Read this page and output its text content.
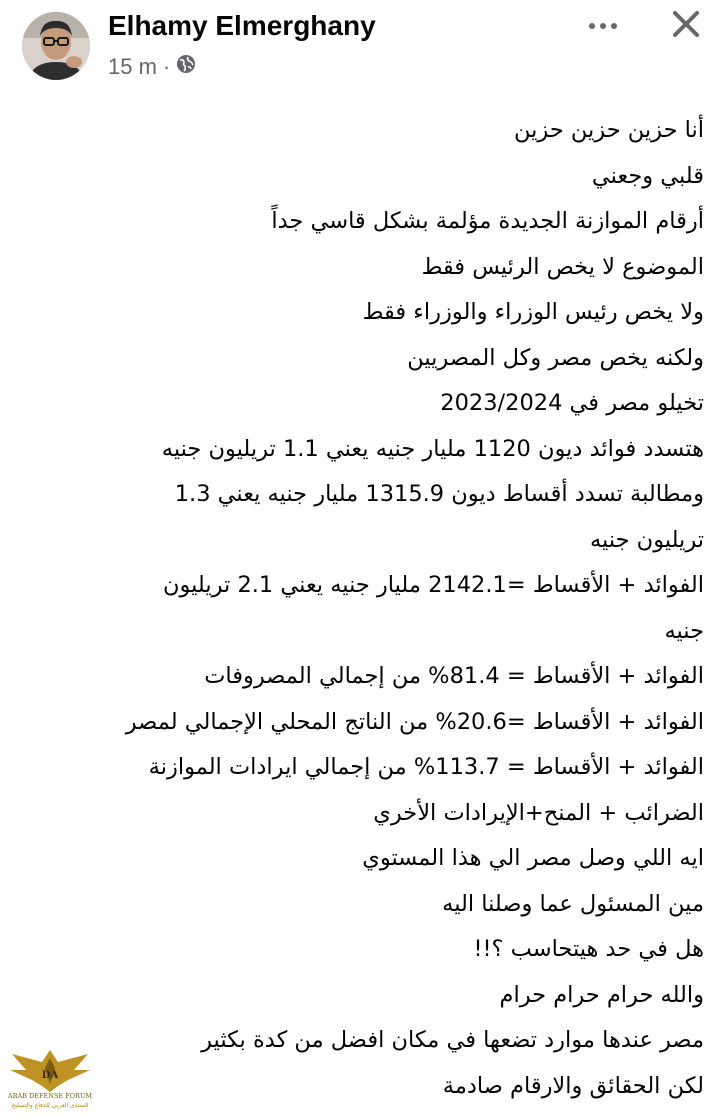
Elhamy Elmerghany
15 m ·
أنا حزين حزين حزين
قلبي وجعني
أرقام الموازنة الجديدة مؤلمة بشكل قاسي جداً
الموضوع لا يخص الرئيس فقط
ولا يخص رئيس الوزراء والوزراء فقط
ولكنه يخص مصر وكل المصريين
تخيلو مصر في 2023/2024
هتسدد فوائد ديون 1120 مليار جنيه يعني 1.1 تريليون جنيه
ومطالبة تسدد أقساط ديون 1315.9 مليار جنيه يعني 1.3
تريليون جنيه
الفوائد + الأقساط =2142.1 مليار جنيه يعني 2.1 تريليون
جنيه
الفوائد + الأقساط = 81.4% من إجمالي المصروفات
الفوائد + الأقساط =20.6% من الناتج المحلي الإجمالي لمصر
الفوائد + الأقساط = 113.7% من إجمالي ايرادات الموازنة
الضرائب + المنح+الإيرادات الأخري
ايه اللي وصل مصر الي هذا المستوي
مين المسئول عما وصلنا اليه
هل في حد هيتحاسب ؟!!
والله حرام حرام حرام
مصر عندها موارد تضعها في مكان افضل من كدة بكثير
لكن الحقائق والارقام صادمة
DA
ARAB DEFENSE FORUM
المنتدى العربي للدفاع والتسليح
